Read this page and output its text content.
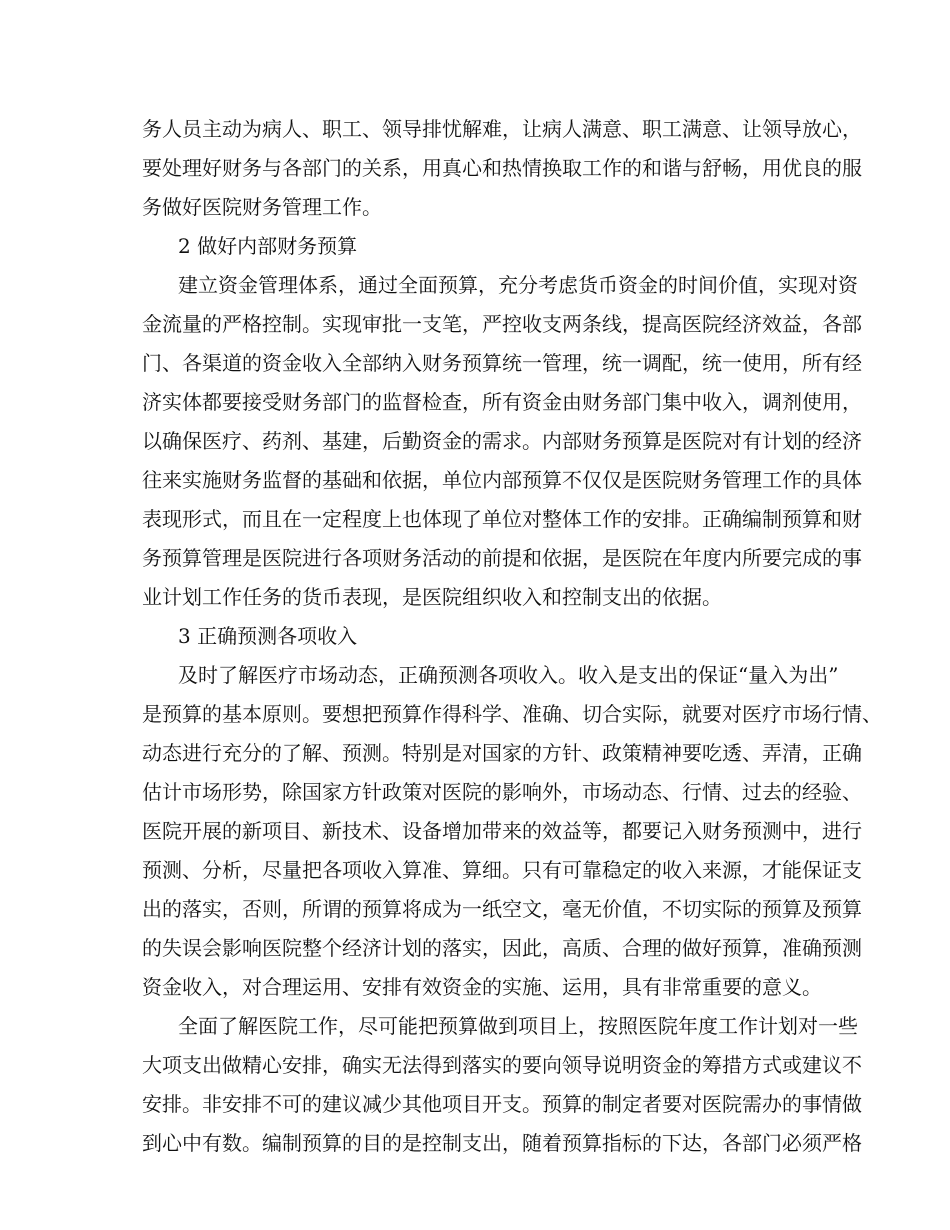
务人员主动为病人、职工、领导排忧解难，让病人满意、职工满意、让领导放心，
要处理好财务与各部门的关系，用真心和热情换取工作的和谐与舒畅，用优良的服
务做好医院财务管理工作。
2 做好内部财务预算
建立资金管理体系，通过全面预算，充分考虑货币资金的时间价值，实现对资
金流量的严格控制。实现审批一支笔，严控收支两条线，提高医院经济效益，各部
门、各渠道的资金收入全部纳入财务预算统一管理，统一调配，统一使用，所有经
济实体都要接受财务部门的监督检查，所有资金由财务部门集中收入，调剂使用，
以确保医疗、药剂、基建，后勤资金的需求。内部财务预算是医院对有计划的经济
往来实施财务监督的基础和依据，单位内部预算不仅仅是医院财务管理工作的具体
表现形式，而且在一定程度上也体现了单位对整体工作的安排。正确编制预算和财
务预算管理是医院进行各项财务活动的前提和依据，是医院在年度内所要完成的事
业计划工作任务的货币表现，是医院组织收入和控制支出的依据。
3 正确预测各项收入
及时了解医疗市场动态，正确预测各项收入。收入是支出的保证“量入为出”
是预算的基本原则。要想把预算作得科学、准确、切合实际，就要对医疗市场行情、
动态进行充分的了解、预测。特别是对国家的方针、政策精神要吃透、弄清，正确
估计市场形势，除国家方针政策对医院的影响外，市场动态、行情、过去的经验、
医院开展的新项目、新技术、设备增加带来的效益等，都要记入财务预测中，进行
预测、分析，尽量把各项收入算准、算细。只有可靠稳定的收入来源，才能保证支
出的落实，否则，所谓的预算将成为一纸空文，毫无价值，不切实际的预算及预算
的失误会影响医院整个经济计划的落实，因此，高质、合理的做好预算，准确预测
资金收入，对合理运用、安排有效资金的实施、运用，具有非常重要的意义。
全面了解医院工作，尽可能把预算做到项目上，按照医院年度工作计划对一些
大项支出做精心安排，确实无法得到落实的要向领导说明资金的筹措方式或建议不
安排。非安排不可的建议减少其他项目开支。预算的制定者要对医院需办的事情做
到心中有数。编制预算的目的是控制支出，随着预算指标的下达，各部门必须严格
